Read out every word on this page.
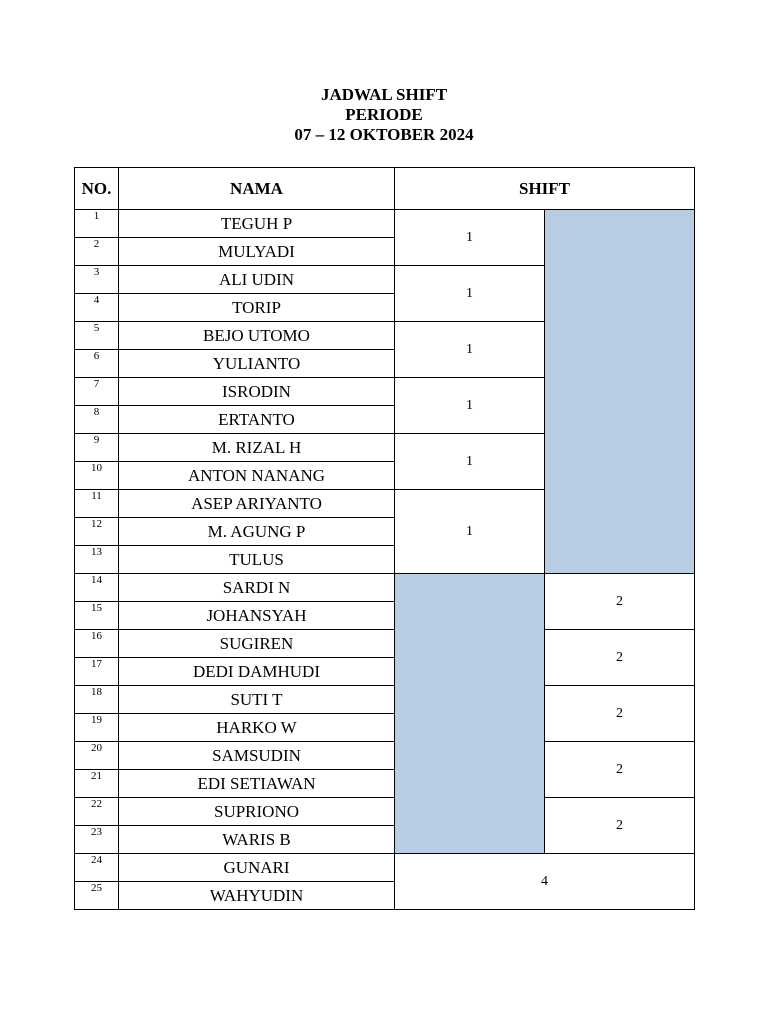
JADWAL SHIFT
PERIODE
07 – 12 OKTOBER 2024
NO.	NAMA	SHIFT	
1	TEGUH P	1	
2	MULYADI		
3	ALI UDIN	1	
4	TORIP		
5	BEJO UTOMO	1	
6	YULIANTO		
7	ISRODIN	1	
8	ERTANTO		
9	M. RIZAL H	1	
10	ANTON NANANG		
11	ASEP ARIYANTO	1	
12	M. AGUNG P		
13	TULUS		
14	SARDI N		2
15	JOHANSYAH		
16	SUGIREN		2
17	DEDI DAMHUDI		
18	SUTI T		2
19	HARKO W		
20	SAMSUDIN		2
21	EDI SETIAWAN		
22	SUPRIONO		2
23	WARIS B		
24	GUNARI	4	
25	WAHYUDIN		
